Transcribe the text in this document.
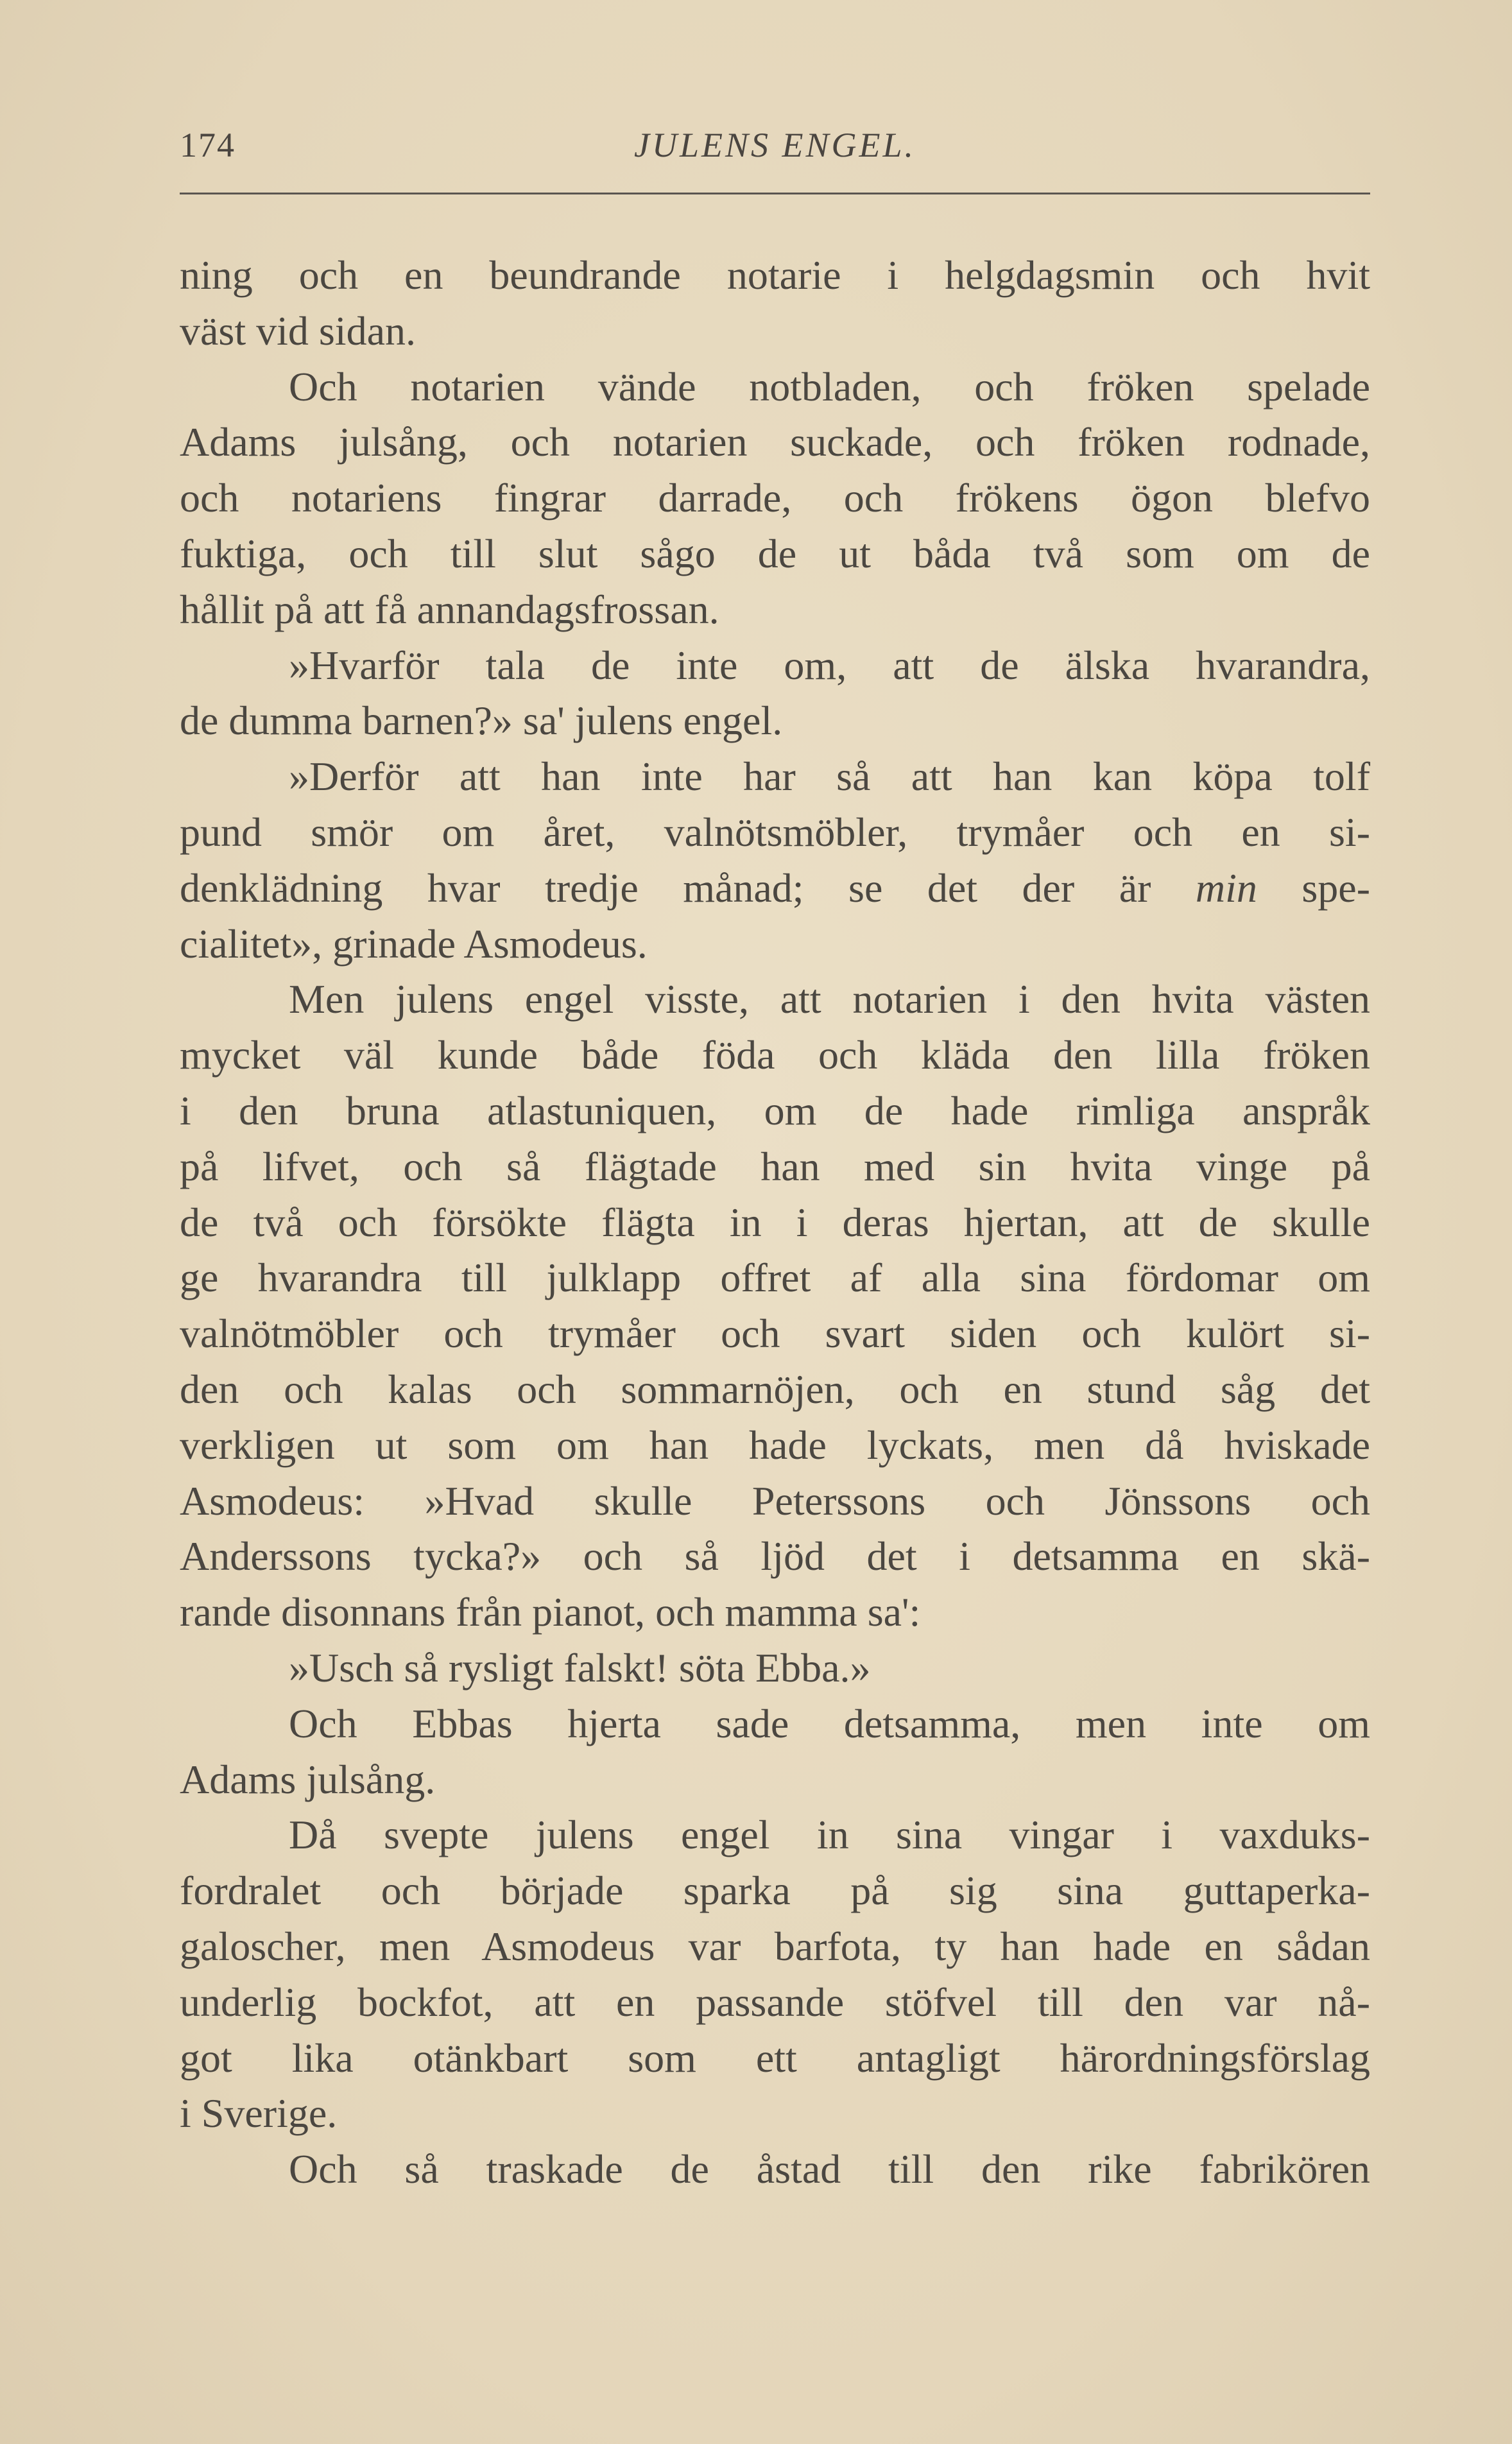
174	JULENS ENGEL.
ning och en beundrande notarie i helgdagsmin och hvit
väst vid sidan.
Och notarien vände notbladen, och fröken spelade
Adams julsång, och notarien suckade, och fröken rodnade,
och notariens fingrar darrade, och frökens ögon blefvo
fuktiga, och till slut sågo de ut båda två som om de
hållit på att få annandagsfrossan.
»Hvarför tala de inte om, att de älska hvarandra,
de dumma barnen?» sa' julens engel.
»Derför att han inte har så att han kan köpa tolf
pund smör om året, valnötsmöbler, trymåer och en si-
denklädning hvar tredje månad; se det der är min spe-
cialitet», grinade Asmodeus.
Men julens engel visste, att notarien i den hvita västen
mycket väl kunde både föda och kläda den lilla fröken
i den bruna atlastuniquen, om de hade rimliga anspråk
på lifvet, och så flägtade han med sin hvita vinge på
de två och försökte flägta in i deras hjertan, att de skulle
ge hvarandra till julklapp offret af alla sina fördomar om
valnötmöbler och trymåer och svart siden och kulört si-
den och kalas och sommarnöjen, och en stund såg det
verkligen ut som om han hade lyckats, men då hviskade
Asmodeus: »Hvad skulle Peterssons och Jönssons och
Anderssons tycka?» och så ljöd det i detsamma en skä-
rande disonnans från pianot, och mamma sa':
»Usch så rysligt falskt! söta Ebba.»
Och Ebbas hjerta sade detsamma, men inte om
Adams julsång.
Då svepte julens engel in sina vingar i vaxduks-
fordralet och började sparka på sig sina guttaperka-
galoscher, men Asmodeus var barfota, ty han hade en sådan
underlig bockfot, att en passande stöfvel till den var nå-
got lika otänkbart som ett antagligt härordningsförslag
i Sverige.
Och så traskade de åstad till den rike fabrikören
